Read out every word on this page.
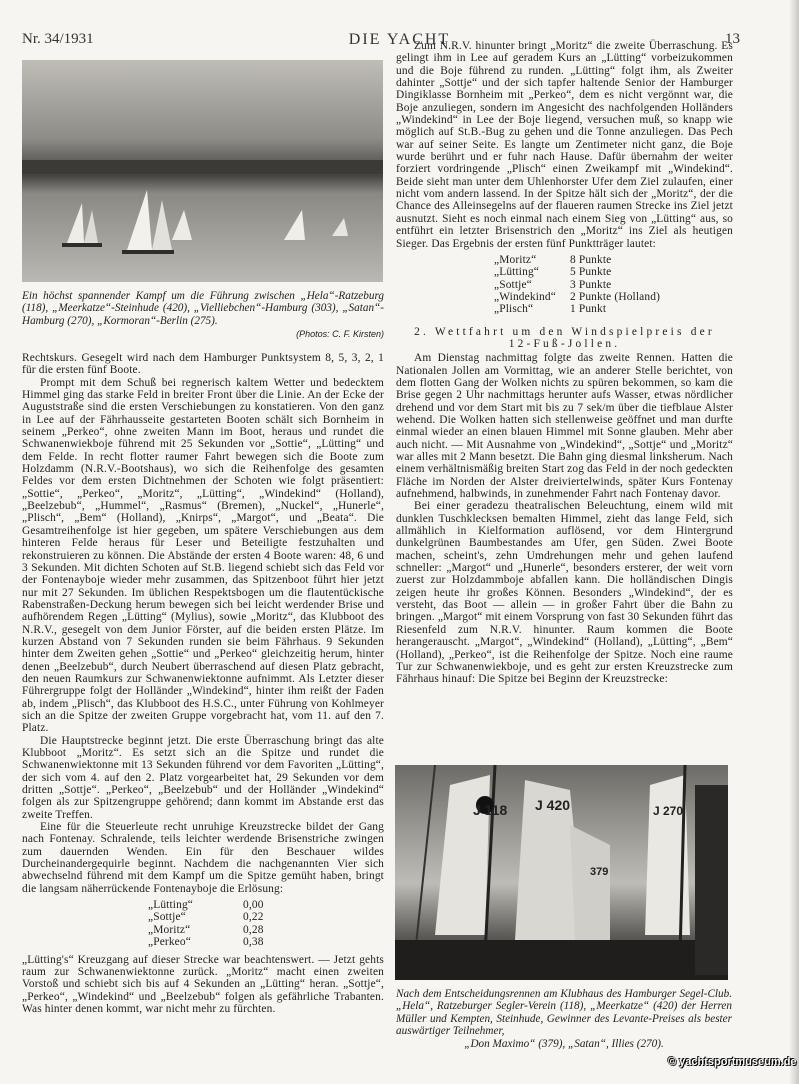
Nr. 34/1931	DIE YACHT	13
Ein höchst spannender Kampf um die Führung zwischen „Hela“-Ratzeburg (118), „Meerkatze“-Steinhude (420), „Vielliebchen“-Hamburg (303), „Satan“-Hamburg (270), „Kormoran“-Berlin (275).
(Photos: C. F. Kirsten)

Rechtskurs. Gesegelt wird nach dem Hamburger Punktsystem 8, 5, 3, 2, 1 für die ersten fünf Boote.

Prompt mit dem Schuß bei regnerisch kaltem Wetter und bedecktem Himmel ging das starke Feld in breiter Front über die Linie. An der Ecke der Auguststraße sind die ersten Verschiebungen zu konstatieren. Von den ganz in Lee auf der Fährhausseite gestarteten Booten schält sich Bornheim in seinem „Perkeo“, ohne zweiten Mann im Boot, heraus und rundet die Schwanenwiekboje führend mit 25 Sekunden vor „Sottie“, „Lütting“ und dem Felde. In recht flotter raumer Fahrt bewegen sich die Boote zum Holzdamm (N.R.V.-Bootshaus), wo sich die Reihenfolge des gesamten Feldes vor dem ersten Dichtnehmen der Schoten wie folgt präsentiert: „Sottie“, „Perkeo“, „Moritz“, „Lütting“, „Windekind“ (Holland), „Beelzebub“, „Hummel“, „Rasmus“ (Bremen), „Nuckel“, „Hunerle“, „Plisch“, „Bem“ (Holland), „Knirps“, „Margot“, und „Beata“. Die Gesamtreihenfolge ist hier gegeben, um spätere Verschiebungen aus dem hinteren Felde heraus für Leser und Beteiligte festzuhalten und rekonstruieren zu können. Die Abstände der ersten 4 Boote waren: 48, 6 und 3 Sekunden. Mit dichten Schoten auf St.B. liegend schiebt sich das Feld vor der Fontenayboje wieder mehr zusammen, das Spitzenboot führt hier jetzt nur mit 27 Sekunden. Im üblichen Respektsbogen um die flautentückische Rabenstraßen-Deckung herum bewegen sich bei leicht werdender Brise und aufhörendem Regen „Lütting“ (Mylius), sowie „Moritz“, das Klubboot des N.R.V., gesegelt von dem Junior Förster, auf die beiden ersten Plätze. Im kurzen Abstand von 7 Sekunden runden sie beim Fährhaus. 9 Sekunden hinter dem Zweiten gehen „Sottie“ und „Perkeo“ gleichzeitig herum, hinter denen „Beelzebub“, durch Neubert überraschend auf diesen Platz gebracht, den neuen Raumkurs zur Schwanenwiektonne aufnimmt. Als Letzter dieser Führergruppe folgt der Holländer „Windekind“, hinter ihm reißt der Faden ab, indem „Plisch“, das Klubboot des H.S.C., unter Führung von Kohlmeyer sich an die Spitze der zweiten Gruppe vorgebracht hat, vom 11. auf den 7. Platz.

Die Hauptstrecke beginnt jetzt. Die erste Überraschung bringt das alte Klubboot „Moritz“. Es setzt sich an die Spitze und rundet die Schwanenwiektonne mit 13 Sekunden führend vor dem Favoriten „Lütting“, der sich vom 4. auf den 2. Platz vorgearbeitet hat, 29 Sekunden vor dem dritten „Sottje“. „Perkeo“, „Beelzebub“ und der Holländer „Windekind“ folgen als zur Spitzengruppe gehörend; dann kommt im Abstande erst das zweite Treffen.

Eine für die Steuerleute recht unruhige Kreuzstrecke bildet der Gang nach Fontenay. Schralende, teils leichter werdende Brisenstriche zwingen zum dauernden Wenden. Ein für den Beschauer wildes Durcheinandergequirle beginnt. Nachdem die nachgenannten Vier sich abwechselnd führend mit dem Kampf um die Spitze gemüht haben, bringt die langsam näherrückende Fontenayboje die Erlösung:

„Lütting“	0,00
„Sottje“	0,22
„Moritz“	0,28
„Perkeo“	0,38

„Lütting's“ Kreuzgang auf dieser Strecke war beachtenswert. — Jetzt gehts raum zur Schwanenwiektonne zurück. „Moritz“ macht einen zweiten Vorstoß und schiebt sich bis auf 4 Sekunden an „Lütting“ heran. „Sottje“, „Perkeo“, „Windekind“ und „Beelzebub“ folgen als gefährliche Trabanten. Was hinter denen kommt, war nicht mehr zu fürchten.

Zum N.R.V. hinunter bringt „Moritz“ die zweite Überraschung. Es gelingt ihm in Lee auf geradem Kurs an „Lütting“ vorbeizukommen und die Boje führend zu runden. „Lütting“ folgt ihm, als Zweiter dahinter „Sottje“ und der sich tapfer haltende Senior der Hamburger Dingiklasse Bornheim mit „Perkeo“, dem es nicht vergönnt war, die Boje anzuliegen, sondern im Angesicht des nachfolgenden Holländers „Windekind“ in Lee der Boje liegend, versuchen muß, so knapp wie möglich auf St.B.-Bug zu gehen und die Tonne anzuliegen. Das Pech war auf seiner Seite. Es langte um Zentimeter nicht ganz, die Boje wurde berührt und er fuhr nach Hause. Dafür übernahm der weiter forziert vordringende „Plisch“ einen Zweikampf mit „Windekind“. Beide sieht man unter dem Uhlenhorster Ufer dem Ziel zulaufen, einer nicht vom andern lassend. In der Spitze hält sich der „Moritz“, der die Chance des Alleinsegelns auf der flaueren raumen Strecke ins Ziel jetzt ausnutzt. Sieht es noch einmal nach einem Sieg von „Lütting“ aus, so entführt ein letzter Brisenstrich den „Moritz“ ins Ziel als heutigen Sieger. Das Ergebnis der ersten fünf Punktträger lautet:

„Moritz“	8 Punkte
„Lütting“	5 Punkte
„Sottje“	3 Punkte
„Windekind“	2 Punkte (Holland)
„Plisch“	1 Punkt
2. Wettfahrt um den Windspielpreis der
12-Fuß-Jollen.

Am Dienstag nachmittag folgte das zweite Rennen. Hatten die Nationalen Jollen am Vormittag, wie an anderer Stelle berichtet, von dem flotten Gang der Wolken nichts zu spüren bekommen, so kam die Brise gegen 2 Uhr nachmittags herunter aufs Wasser, etwas nördlicher drehend und vor dem Start mit bis zu 7 sek/m über die tiefblaue Alster wehend. Die Wolken hatten sich stellenweise geöffnet und man durfte einmal wieder an einen blauen Himmel mit Sonne glauben. Mehr aber auch nicht. — Mit Ausnahme von „Windekind“, „Sottje“ und „Moritz“ war alles mit 2 Mann besetzt. Die Bahn ging diesmal linksherum. Nach einem verhältnismäßig breiten Start zog das Feld in der noch gedeckten Fläche im Norden der Alster dreiviertelwinds, später Kurs Fontenay aufnehmend, halbwinds, in zunehmender Fahrt nach Fontenay davor.

Bei einer geradezu theatralischen Beleuchtung, einem wild mit dunklen Tuschklecksen bemalten Himmel, zieht das lange Feld, sich allmählich in Kielformation auflösend, vor dem Hintergrund dunkelgrünen Baumbestandes am Ufer, gen Süden. Zwei Boote machen, scheint's, zehn Umdrehungen mehr und gehen laufend schneller: „Margot“ und „Hunerle“, besonders ersterer, der weit vorn zuerst zur Holzdammboje abfallen kann. Die holländischen Dingis zeigen heute ihr großes Können. Besonders „Windekind“, der es versteht, das Boot — allein — in großer Fahrt über die Bahn zu bringen. „Margot“ mit einem Vorsprung von fast 30 Sekunden führt das Riesenfeld zum N.R.V. hinunter. Raum kommen die Boote herangerauscht. „Margot“, „Windekind“ (Holland), „Lütting“, „Bem“ (Holland), „Perkeo“, ist die Reihenfolge der Spitze. Noch eine raume Tur zur Schwanenwiekboje, und es geht zur ersten Kreuzstrecke zum Fährhaus hinauf: Die Spitze bei Beginn der Kreuzstrecke:

J 118 J 420
379
J 270
Nach dem Entscheidungsrennen am Klubhaus des Hamburger Segel-Club. „Hela“, Ratzeburger Segler-Verein (118), „Meerkatze“ (420) der Herren Müller und Kempten, Steinhude, Gewinner des Levante-Preises als bester auswärtiger Teilnehmer,
„Don Maximo“ (379), „Satan“, Illies (270).
© yachtsportmuseum.de
